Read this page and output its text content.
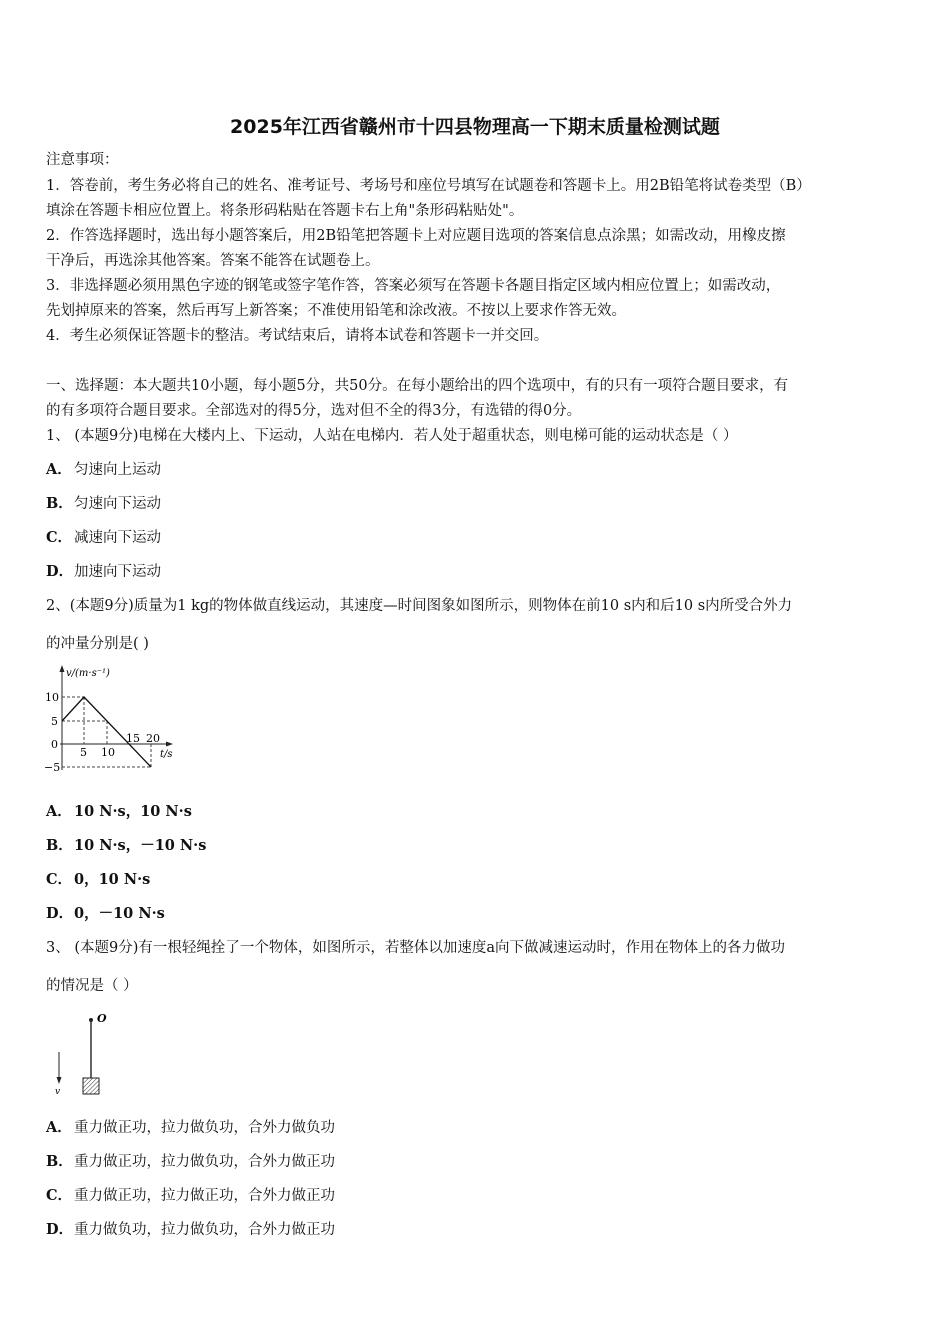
2025年江西省赣州市十四县物理高一下期末质量检测试题
注意事项：
1．答卷前，考生务必将自己的姓名、准考证号、考场号和座位号填写在试题卷和答题卡上。用2B铅笔将试卷类型（B）
填涂在答题卡相应位置上。将条形码粘贴在答题卡右上角"条形码粘贴处"。
2．作答选择题时，选出每小题答案后，用2B铅笔把答题卡上对应题目选项的答案信息点涂黑；如需改动，用橡皮擦
干净后，再选涂其他答案。答案不能答在试题卷上。
3．非选择题必须用黑色字迹的钢笔或签字笔作答，答案必须写在答题卡各题目指定区域内相应位置上；如需改动，
先划掉原来的答案，然后再写上新答案；不准使用铅笔和涂改液。不按以上要求作答无效。
4．考生必须保证答题卡的整洁。考试结束后，请将本试卷和答题卡一并交回。
一、选择题：本大题共10小题，每小题5分，共50分。在每小题给出的四个选项中，有的只有一项符合题目要求，有
的有多项符合题目要求。全部选对的得5分，选对但不全的得3分，有选错的得0分。
1、 (本题9分)电梯在大楼内上、下运动，人站在电梯内．若人处于超重状态，则电梯可能的运动状态是（ ）
A． 匀速向上运动
B．匀速向下运动
C． 减速向下运动
D．加速向下运动
2、(本题9分)质量为1 kg的物体做直线运动，其速度—时间图象如图所示，则物体在前10 s内和后10 s内所受合外力
的冲量分别是( )
v/(m·s⁻¹)
t/s
10
5
0
−5
5 10
15 20
A． 10 N·s，10 N·s
B．10 N·s，－10 N·s
C． 0，10 N·s
D．0，－10 N·s
3、 (本题9分)有一根轻绳拴了一个物体，如图所示，若整体以加速度a向下做减速运动时，作用在物体上的各力做功
的情况是（ ）
O
v
A． 重力做正功，拉力做负功，合外力做负功
B．重力做正功，拉力做负功，合外力做正功
C． 重力做正功，拉力做正功，合外力做正功
D．重力做负功，拉力做负功，合外力做正功
